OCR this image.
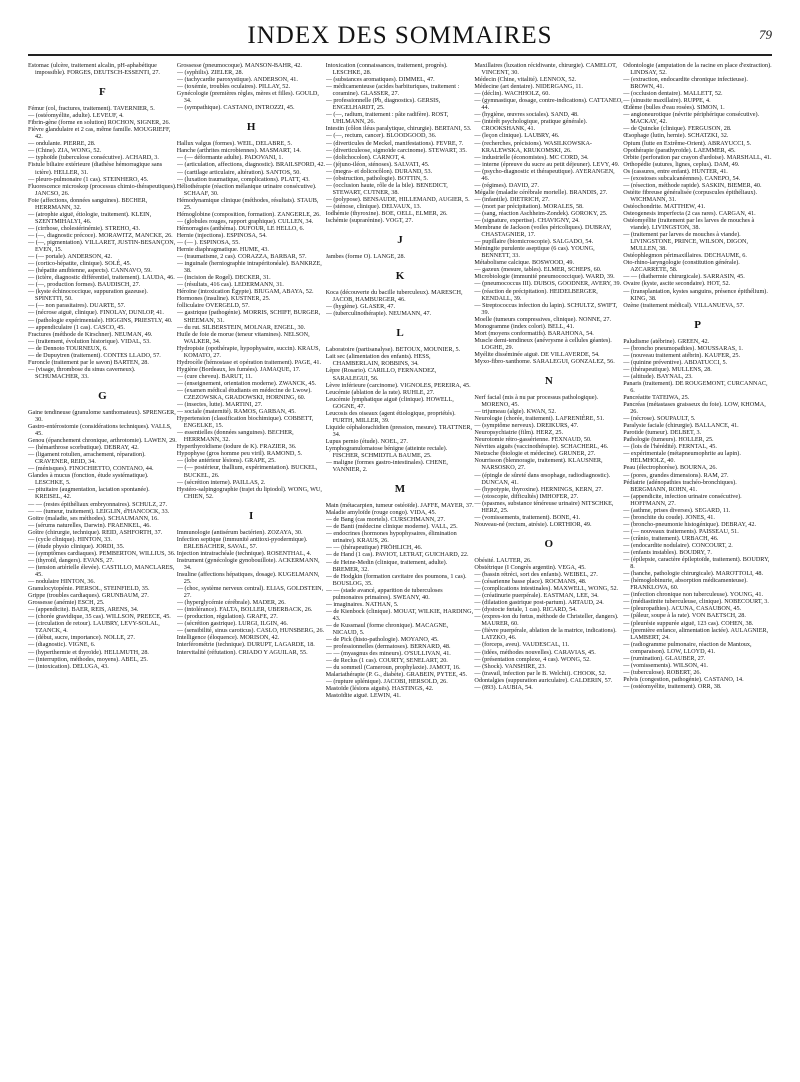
INDEX DES SOMMAIRES	79
Estomac (ulcère, traitement alcalin, pH-aphabétique impossible). FORGES, DEUTSCH-ESSENTI, 27.
F
Fémur (col, fractures, traitement). TAVERNIER, 5.
— (ostéomyélite, adulte). LEVEUF, 4.
Fibrin-gène (forme en solution) ROCHON, SIGNER, 26.
Fièvre glandulaire et 2 cas, même famille. MOUGRIEFF, 42.
— ondulante. PIERRE, 28.
— (Chine). ZIA, WONG, 52.
— typhoïde (tuberculose consécutive). ACHARD, 3.
Fistule biliaire extérieure (diathèse hémorragique sans ictère). HELLER, 31.
— pleuro-pulmonaire (1 cas). STEINHERO, 45.
Fluorescence microskop (processus chimio-thérapeutiques). JANCSO, 26.
Foie (affections, données sanguines). BECHER, HERRMANN, 32.
— (atrophie aiguë, étiologie, traitement). KLEIN, SZENTMIHALYI, 46.
— (cirrhose, cholestérinémie). STREHO, 43.
— (—, diagnostic précoce). MORAWITZ, MANCKE, 26.
— (—, pigmentation). VILLARET, JUSTIN-BESANÇON, EVEN, 15.
— (— portale). ANDERSON, 42.
— (cortico-hépatite, clinique). SOLÉ, 45.
— (hépatite amibienne, aspects). CANNAVO, 59.
— (ictère, diagnostic différentiel, traitement). LAUDA, 46.
— (—, production formes). BAUDISCH, 27.
— (kyste échinococcique, suppuration gazeuse). SPINETTI, 50.
— (— non parasitaires). DUARTE, 57.
— (nécrose aiguë, clinique). FINOLAY, DUNLOP, 41.
— (pathologie expérimentale). HIGGINS, PRIESTLY, 40.
— appendiculaire (1 cas). CASCO, 45.
Fractures (méthode de Kirschner). NEUMAN, 49.
— (traitement, évolution historique). VIDAL, 53.
— de Dennoto TOURNEUX, 6.
— de Dupuytren (traitement). CONTES LLADO, 57.
Furoncle (traitement par le savon) BARTEN, 28.
— (visage, thrombose du sinus caverneux). SCHUMACHER, 33.
G
Gaine tendineuse (granulome xanthomateux). SPRENGER, 30.
Gastro-entérostomie (considérations techniques). VALLS, 45.
Genou (épanchement chronique, arthrotomie). LAWEN, 29.
— (hémarthrose scorbutique). DEBRAY, 42.
— (ligament rotulien, arrachement, réparation). CRAVENER, REID, 34.
— (ménisques). FINOCHIETTO, CONTANO, 44.
Glandes à mucus (fonction, étude systématique). LESCHKE, 5.
— pituitaire (augmentation, lactation spontanée). KREISEL, 42.
— — (restes épithéliaux embryonnaires). SCHULZ, 27.
— — (tumeur, traitement). LEIGLIN, d'HANCOCK, 33.
Goitre (maladie, ses méthodes). SCHAUMANN, 16.
— (sérums naturelles, Darwin). FRAENKEL, 46.
Goître (chirurgie, technique). REID, ASHFORTH, 37.
— (cycle clinique). HINTON, 33.
— (étude physio clinique). JORDI, 35.
— (symptômes cardiaques). PEMBERTON, WILLIUS, 36.
— (thyroïd, dangers). EVANS, 27.
— (tension artérielle élevée). CASTILLO, MANCLARES, 45.
— nodulaire HINTON, 36.
Granulocytopénie. PIERSOL, STEINFIELD, 35.
Grippe (troubles cardiaques). GRUNBAUM, 27.
Grossesse (anémie) ESCH, 25.
— (appendicite). BAER, REIS, ARENS, 34.
— (chorée gravidique, 35 cas). WILLSON, PREECE, 45.
— (circulation de retour). LAUBRY, LEVY-SOLAL, TZANCK, 4.
— (début, sucre, importance). NOLLE, 27.
— (diagnostic). VIGNE, 6.
— (hyperthermie et thyroïde). HELLMUTH, 28.
— (interruption, méthodes, moyens). ABEL, 25.
— (intoxication). DELUGA, 43.
Grossesse (pneumocoque). MANSON-BAHR, 42.
— (syphilis). ZIELER, 28.
— (tachycardie paroxystique). ANDERSON, 41.
— (toxémie, troubles oculaires). PILLAY, 52.
Gynécologie (premières règles, mères et filles). GOULD, 34.
— (sympathique). CASTANO, INTROZZI, 45.
H
Hallux valgus (formes). WEIL, DELABRE, 5.
Hanche (arthrites microbiennes). MASMART, 14.
— (— déformante adulte). PADOVANI, 1.
— (articulation, affections, diagnostic). BRAILSFORD, 42.
— (cartilage articulaire, altération). SANTOS, 50.
— (luxation traumatique, complications). PLATT, 43.
Héliothérapie (réaction mélanique urinaire consécutive). SCHAAF, 30.
Hémodynamique clinique (méthodes, résultats). STAUB, 25.
Hémoglobine (composition, formation). ZANGERLE, 26.
— (globules rouges, rapport graphique). CULLEN, 34.
Hémorragies (anthéma). DUFOUR, LE HELLO, 6.
Hernie (injections). ESPINOSA, 54.
— (— ). ESPINOSA, 55.
Hernie diaphragmatique. HUME, 43.
— (traumatisme, 2 cas). CORAZZA, BARBAR, 57.
— inguinale (herniographie intrapéritonéale). BANKRZE, 38.
— (incision de Rogel). DECKER, 31.
— (résultats, 416 cas). LEDERMANN, 31.
Héroïne (intoxication Égypte). BIUGAM, ABAYA, 52.
Hormones (insuline). KUSTNER, 25.
folliculaire OVERGELD, 57.
— gastrique (pathogénie). MORRIS, SCHIFF, BURGER, SHEEMAN, 31.
— du rut. SILBERSTEIN, MOLNAR, ENGEL, 30.
Huile de foie de morue (teneur vitamines). NELSON, WALKER, 34.
Hydropisie (opothérapie, hypophysaire, succin). KRAUS, KOMATO, 27.
Hydrocèle (hémostase et opération traitement). PAGE, 41.
Hygiène (Bordeaux, les fumées). JAMAQUE, 17.
— (cure cheveu). BARUT, 11.
— (enseignement, orientation moderne). ZWANCK, 45.
— (examen médical étudiants en médecine de Lwow). CZEZOWSKA, GRADOWSKI, HORNING, 60.
— (insectes, lutte). MARTINI, 27.
— sociale (maternité). RAMOS, GARBAN, 45.
Hypertension (classification biochimique). COBBETT, ENGELKE, 15.
— essentielles (données sanguines). BECHER, HERRMANN, 32.
Hyperthyroïdisme (iodure de K). FRAZIER, 36.
Hypophyse (gros homme peu viril). RAMOND, 5.
— (lobe antérieur lésions). GRAPE, 25.
— (— postérieur, thallium, expérimentation). BUCKEL, BUCKEL, 26.
— (sécrétion interne). PAILLAS, 2.
Hystéro-salpingographie (trajet du lipiodol). WONG, WU, CHIEN, 52.
I
Immunologie (antisérum bactérien). ZOZAYA, 30.
Infection septique (immunité antitoxi-pyodermique). ERLEBACHER, SAVAL, 57.
Injection intratrachéale (technique). ROSENTHAL, 4.
Instrument (gynécologie gynobouillote). ACKERMANN, 34.
Insuline (affections hépatiques, dosage). KUGELMANN, 25.
— (choc, système nerveux central). ELIAS, GOLDSTEIN, 27.
— (hyperglycémie cérébrale). MADER, 26.
— (intolérance). FALTA, BOLLER, UBERBACK, 26.
— (production, régulation). GRAFE, 27.
— (sécrétion gastrique). LURGI, ILGIN, 46.
— (sensibilité, sinus caroticus). CASLO, HUNSBERG, 26.
Intelligence (éloquence). MORISON, 42.
Interférométrie (technique). DURUPT, LAGARDE, 18.
Intervitalité (réfutation). CRIADO Y AGUILAR, 55.
Intoxication (connaissances, traitement, progrès). LESCHKE, 28.
— (substances aromatiques). DIMMEL, 47.
— médicamenteuse (acides barbituriques, traitement : coramine). GLASSER, 27.
— professionnelle (Pb, diagnostics). GERSIS, ENGELHARDT, 25.
— (—, radium, traitement : pâte radifère). ROST, UHLMANN, 26.
Intestin (côlon iléus paralytique, chirurgie). BERTANI, 53.
— (—, rectum, cancer). BLOODGOOD, 36.
— (diverticules de Meckel, manifestations). FEVRE, 7.
— (diverticuleose, sigmoïde carcinome). STEWART, 35.
— (dolichocolon). CARNOT, 4.
— (jéjuno-iléon, sténoses). SALVATI, 45.
— (megra- et dolicocôlon). DURAND, 53.
— (obstruction, pathologie). BOTTIN, 5.
— (occlusion haute, rôle de la bile). BENEDICT, STEWART, CUTNER, 38.
— (polypose). BENSAUDE, HILLEMAND, AUGIER, 5.
— (sténose, clinique). DELVAUX, 13.
Iodhémie (thyroxine). BOE, OELL, ELMER, 26.
Ischémie (suprarénine). VOGT, 27.
J
Jambes (forme O). LANGE, 28.
K
Koca (découverte du bacille tuberculeux). MARESCH, JACOB, HAMBURGER, 46.
— (hygiène). GLASER, 47.
— (tuberculinothérapie). NEUMANN, 47.
L
Laboratoire (partisanalyse). BETOUX, MOUNIER, 5.
Lait sec (alimentation des enfants). HESS, CHAMBERLAIN, ROBBINS, 34.
Lèpre (Rosario). CARILLO, FERNANDEZ, SARALEGUI, 56.
Lèvre inférieure (carcinome). VIGNOLES, PEREIRA, 45.
Leucémie (ablation de la rate). RUHLE, 27.
Leucémie lymphatique aiguë (clinique). HOWELL, GOGNE, 47.
Leucosis des oiseaux (agent étiologique, propriétés). FURTH, MILLER, 39.
Liquide céphalorachidien (pression, mesure). TRATTNER, 34.
Lupus pernio (étude). NOEL, 27.
Lymphogranulomatose bénigne (atteinte rectale). FISCHER, SCHMIDTLA BAUME, 25.
— maligne (formes gastro-intestinales). CHENE, VANNIER, 2.
M
Main (métacarpien, tumeur ostéoïde). JAFFE, MAYER, 37.
Maladie amyloïde (rouge congo). VIDA, 45.
— de Bang (cas mortels). CURSCHMANN, 27.
— de Banti (médecine clinique moderne). VALL, 25.
— endocrines (hormones hypophysaires, élimination urinaire). KRAUS, 26.
— — (thérapeutique) FRÖHLICH, 46.
— de Hand (1 cas). PAVIOT, LETRAT, GUICHARD, 22.
— de Heine-Medin (clinique, traitement, adulte). BREMER, 32.
— de Hodgkin (formation cavitaire des poumons, 1 cas). BOUSLOG, 35.
— — (stade avancé, apparition de tuberculoses pulmonaires primaires). SWEANY, 40.
— imaginaires. NATHAN, 5.
— de Kienbock (clinique). MOUAT, WILKIE, HARDING, 43.
— de Kussmaul (forme chronique). MACAGNE, NICAUD, 5.
— de Pick (histo-pathologie). MOYANO, 45.
— professionnelles (dermatoses). BERNARD, 48.
— — (myasgnus des mineurs). O'SULLIVAN, 41.
— de Reclus (1 cas). COURTY, SENELART, 20.
— du sommeil (Cameroun, prophylaxie). JAMOT, 16.
Malariathérapie (P. G., diabète). GRABEIN, PYTEE, 45.
— (rupture splénique). JACOBI, HERSOLD, 26.
Mastoïde (lésions aiguës). HASTINGS, 42.
Mastoïdite aiguë. LEWIN, 41.
Maxillaires (luxation récidivante, chirurgie). CAMELOT, VINCENT, 30.
Médecin (Chine, vitalité). LENNOX, 52.
Médecine (art dentaire). NIDERGANG, 11.
— (déclin). WACHHOLZ, 60.
— (gymnastique, dosage, contre-indications). CATTANEO, 44.
— (hygiène, œuvres sociales). SAND, 48.
— (intérêt psychologique, pratique générale). CROOKSHANK, 41.
— (leçon clinique). LAUBRY, 46.
— (recherches, précisions). WASILKOWSKA-KRALEWSKA, KRUKOMSKI, 26.
— industrielle (économistes). MC CORD, 34.
— interne (épreuve du sucre au petit déjeuner). LEVY, 49.
— (psycho-diagnostic et thérapeutique). AYERANGEN, 46.
— (régimes). DAVID, 27.
Mégalie (maladie cérébrale mortelle). BRANDIS, 27.
— (infantile). DIETRICH, 27.
— (mort par précipitation). MORALES, 58.
— (sang, réaction Aschheim-Zondek). GOROKY, 25.
— (signature, expertise). CHAVIGNY, 24.
Membrane de Jackson (voiles péricoliques). DUBRAY, CHASTAGNIER, 17.
— pupillaire (biomicroscopie). SALGADO, 54.
Méningite purulente aseptique (6 cas). YOUNG, BENNETT, 33.
Métabolisme calcique. BOSWOOD, 49.
— gazeux (mesure, tables). ELMER, SCHEPS, 60.
Microbiologie (immunité pneumococcique). WARD, 39.
— (pneumococcus III). DUBOS, GOODNER, AVERY, 39.
— (réaction de précipitation). HEIDELBERGER, KENDALL, 39.
— Streptococcus infection du lapin). SCHULTZ, SWIFT, 39.
Moelle (tumeurs compressives, clinique). NONNE, 27.
Monogramme (index colori). BELL, 41.
Mort (moyens conformatifs). BARAHONA, 54.
Muscle demi-tendineux (anévrysme à cellules géantes). LOGHE, 29.
Myélite disséminée aiguë. DE VILLAVERDE, 54.
Myxo-fibro-xanthome. SARALEGUI, GONZALEZ, 56.
N
Nerf facial (mis à nu par processus pathologique). MORENO, 45.
— trijumeau (algie). KWAN, 52.
Neurologie (chorée, traitement). LAFRENIÈRE, 51.
— (symptôme nerveux). DREIKURS, 47.
Neuropsychiatrie (film). HERZ, 25.
Neurotomie rétro-gassérienne. FEXNAUD, 50.
Névrites aiguës (vaccinothérapie). SCHACHERL, 46.
Nietzsche (biologie et médecine). GRUNER, 27.
Nourrisson (blennoragie, traitement). KLAUSNER, NARSOSKO, 27.
— (épingle de sûreté dans œsophage, radiodiagnostic). DUNCAN, 41.
— (hypotypie, thyroxine). HERNINGS, KERN, 27.
— (otoscopie, difficultés) IMHOFER, 27.
— (spasmes, substance ténéreuse urinaire) NITSCHKE, HERZ, 25.
— (vomissements, traitement). BONE, 41.
Nouveau-né (rectum, atrésie). LORTHIOR, 49.
O
Obésité. LAUTER, 26.
Obstétrique (I Congrès argentin). VEGA, 45.
— (bassin rétréci, sort des enfants). WEIBEL, 27.
— (césarienne basse place). ROCMANS, 48.
— (complications intestinales). MAXWELL, WONG, 52.
— (créatinurie puerpérale). EASTMAN, LEE, 34.
— (dilatation gastrique post-partum). ARTAUD, 24.
— (dystocie fœtale, 1 cas). RICARD, 54.
— (expres-ion du fœtus, méthode de Christeller, dangers). MAURER, 60.
— (fièvre puerpérale, ablation de la matrice, indications). LATZKO, 46.
— (forceps, aveu). VAUDESCAL, 11.
— (idées, méthodes nouvelles). CARAVIAS, 45.
— (présentation complexe, 4 cas). WONG, 52.
— (Shock). VANSHIRE, 23.
— (travail, infection par le B. Welchii). CHOOK, 52.
Odontalgies (suppuration auriculaire). CALDERIN, 57.
— (893). LAUBIA, 54.
Odontologie (amputation de la racine en place d'extraction). LINDSAY, 52.
— (extraction, endocardite chronique infectieuse). BROWN, 41.
— (occlusion dentaire). MALLETT, 52.
— (sinusite maxillaire). RUPPE, 4.
Œdème (bulles d'eau rosées). SIMON, 1.
— angioneurotique (névrite périphérique consécutive). MACKAY, 42.
— de Quincke (clinique). FERGUSON, 28.
Œsophage (lutin, hernie). SCHATZKI, 32.
Opium (lutte en Extrême-Orient). ABRAYUCCI, 5.
Opothérapie (parathyroïde). LAEMMER, 45.
Orbite (perforation par crayon d'ardoise). MARSHALL, 41.
Orthopédie (sutures, lignes, ceplus). DAM, 49.
Os (cassures, entre enfant). HUNTER, 41.
— (exostoses subcalcanéennes). CANEPO, 54.
— (résection, méthode rapide). SASKIN, BIEMER, 40.
Ostéite fibreuse généralisée (corpuscules épithéliaux). WICHMANN, 31.
Ostéochondrite. MATTHEW, 41.
Osteogenesis imperfecta (2 cas rares). CARGAN, 41.
Ostéomyélite (traitement par les larves de mouches à viande). LIVINGSTON, 38.
— (traitement par larves de mouches à viande). LIVINGSTONE, PRINCE, WILSON, DIGON, MULLEN, 38.
Ostéophlegmon périmaxillaires. DECHAUME, 6.
Oto-rhino-laryngologie (constitution générale). AZCARRETE, 58.
— — (diathermie chirurgicale). SARRASIN, 45.
Ovaire (kyste, ascite secondaire). HOT, 52.
— (transplantation, kystes sanguins, présence épithélium). KING, 38.
Ozène (traitement médical). VILLANUEVA, 57.
P
Paludisme (atébrine). GREEN, 42.
— (broncho pneumopathies). MOUSSARAS, 1.
— (nouveau traitement atébrin). KAUFER, 25.
— (quinine préventive). ABDATUCCI, 5.
— (thérapeutique). MULLENS, 28.
— (altitude). BAYNAL, 23.
Panaris (traitement). DE ROUGEMONT, CURCANNAC, 6.
Pancréatite TATEIWA, 25.
Pancréas (métastases graisseux du foie). LOW, KHOMA, 26.
— (nécrose). SOUPAULT, 5.
Paralysie faciale (chirurgie). BALLANCE, 41.
Parotide (tumeur). DELBET, 3.
Pathologie (tumeurs). HOLLER, 25.
— (lois de l'hérédité). FERNTAL, 45.
— expérimentale (métapneumophrite au lapin). HELMHOLZ, 40.
Peau (électrophorèse). BOURNA, 26.
— (pores, grandes dimensions). RAM, 27.
Pédiatrie (adénopathies trachéo-bronchiques). BERGMANN, ROHN, 41.
— (appendicite, infection urinaire consécutive). HOFFMANN, 27.
— (asthme, prises diverses). SEGARD, 11.
— (bronchite du coude). JONES, 41.
— (broncho-pneumonie histogénique). DEBRAY, 42.
— (— nouveaux traitements). PAISSEAU, 51.
— (crânio, traitement). URBACH, 46.
— (endocardite nodulaire). CONCOURT, 2.
— (enfants instables). BOUDRY, 7.
— (épilepsie, caractère épileptoïde, traitement). BOUDRY, 8.
— (hanche, pathologie chirurgicale). MAROTTOLI, 48.
— (hémoglobinurie, absorption médicamenteuse). FRANKLOVA, 60.
— (infection chronique non tuberculeuse). YOUNG, 41.
— (médiastinite tuberculeuse, clinique). NOBECOURT, 3.
— (pleuropathies). ACUNA, CASAUBON, 45.
— (pâleur, soupe à la rate). VON BAETSCH, 28.
— (pleurésie suppurée aiguë, 123 cas). COHEN, 38.
— (première enfance, alimentation lactée). AULAGNIER, LAMBERT, 24.
— (radiogramme pulmonaire, réaction de Mantoux, comparaison). LOW, LLOYD, 41.
— (rumination). GLAUBER, 27.
— (vomissements). WILSON, 41.
— (tuberculose). ROBERT, 26.
Pelvis (congestion, pathogénie). CASTANO, 14.
— (ostéomyélite, traitement). ORR, 38.
